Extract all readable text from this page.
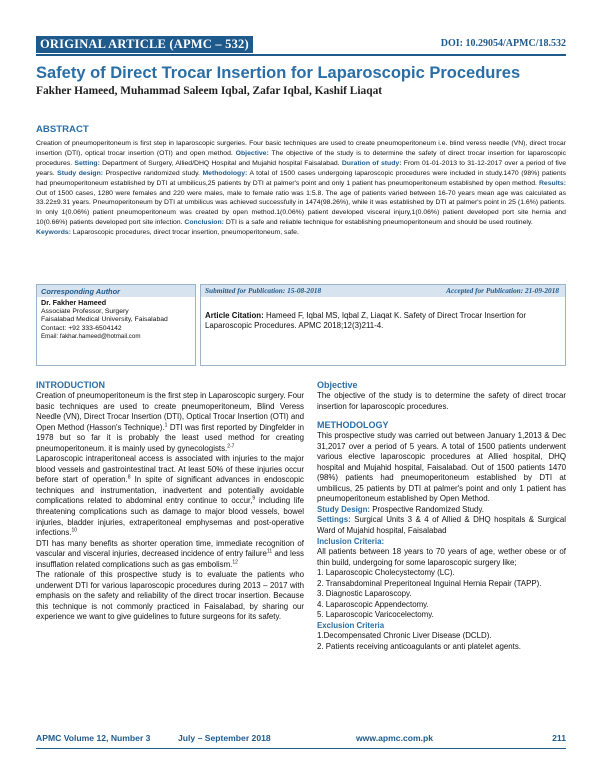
ORIGINAL ARTICLE (APMC – 532)	DOI: 10.29054/APMC/18.532
Safety of Direct Trocar Insertion for Laparoscopic Procedures
Fakher Hameed, Muhammad Saleem Iqbal, Zafar Iqbal, Kashif Liaqat
ABSTRACT
Creation of pneumoperitoneum is first step in laparoscopic surgeries. Four basic techniques are used to create pneumoperitoneum i.e. blind veress needle (VN), direct trocar insertion (DTI), optical trocar insertion (OTI) and open method. Objective: The objective of the study is to determine the safety of direct trocar insertion for laparoscopic procedures. Setting: Department of Surgery, Allied/DHQ Hospital and Mujahid hospital Faisalabad. Duration of study: From 01-01-2013 to 31-12-2017 over a period of five years. Study design: Prospective randomized study. Methodology: A total of 1500 cases undergoing laparoscopic procedures were included in study.1470 (98%) patients had pneumoperitoneum established by DTI at umbilicus,25 patients by DTI at palmer's point and only 1 patient has pneumoperitoneum established by open method. Results: Out of 1500 cases, 1280 were females and 220 were males, male to female ratio was 1:5.8. The age of patients varied between 16-70 years mean age was calculated as 33.22±9.31 years. Pneumoperitoneum by DTI at umbilicus was achieved successfully in 1474(98.26%), while it was established by DTI at palmer's point in 25 (1.6%) patients. In only 1(0.06%) patient pneumoperitoneum was created by open method.1(0.06%) patient developed visceral injury,1(0.06%) patient developed port site hernia and 10(0.66%) patients developed port site infection. Conclusion: DTI is a safe and reliable technique for establishing pneumoperitoneum and should be used routinely.
Keywords: Laparoscopic procedures, direct trocar insertion, pneumoperitoneum, safe.
Corresponding Author
Dr. Fakher Hameed
Associate Professor, Surgery
Faisalabad Medical University, Faisalabad
Contact: +92 333-6504142
Email: fakhar.hameed@hotmail.com
Submitted for Publication: 15-08-2018	Accepted for Publication: 21-09-2018
Article Citation: Hameed F, Iqbal MS, Iqbal Z, Liaqat K. Safety of Direct Trocar Insertion for Laparoscopic Procedures. APMC 2018;12(3)211-4.

INTRODUCTION

Creation of pneumoperitoneum is the first step in Laparoscopic surgery. Four basic techniques are used to create pneumoperitoneum, Blind Veress Needle (VN), Direct Trocar Insertion (DTI), Optical Trocar Insertion (OTI) and Open Method (Hasson's Technique).$^1$ DTI was first reported by Dingfelder in 1978 but so far it is probably the least used method for creating pneumoperitoneum. it is mainly used by gynecologists.$^{2-7}$

Laparoscopic intraperitoneal access is associated with injuries to the major blood vessels and gastrointestinal tract. At least 50% of these injuries occur before start of operation.$^8$ In spite of significant advances in endoscopic techniques and instrumentation, inadvertent and potentially avoidable complications related to abdominal entry continue to occur,$^9$ including life threatening complications such as damage to major blood vessels, bowel injuries, bladder injuries, extraperitoneal emphysemas and post-operative infections.$^{10}$

DTI has many benefits as shorter operation time, immediate recognition of vascular and visceral injuries, decreased incidence of entry failure$^{11}$ and less insufflation related complications such as gas embolism.$^{12}$

The rationale of this prospective study is to evaluate the patients who underwent DTI for various laparoscopic procedures during 2013 – 2017 with emphasis on the safety and reliability of the direct trocar insertion. Because this technique is not commonly practiced in Faisalabad, by sharing our experience we want to give guidelines to future surgeons for its safety.

Objective

The objective of the study is to determine the safety of direct trocar insertion for laparoscopic procedures.

METHODOLOGY

This prospective study was carried out between January 1,2013 & Dec 31,2017 over a period of 5 years. A total of 1500 patients underwent various elective laparoscopic procedures at Allied hospital, DHQ hospital and Mujahid hospital, Faisalabad. Out of 1500 patients 1470 (98%) patients had pneumoperitoneum established by DTI at umbilicus, 25 patients by DTI at palmer's point and only 1 patient has pneumoperitoneum established by Open Method.

Study Design: Prospective Randomized Study.

Settings: Surgical Units 3 & 4 of Allied & DHQ hospitals & Surgical Ward of Mujahid hospital, Faisalabad

Inclusion Criteria:

All patients between 18 years to 70 years of age, wether obese or of thin build, undergoing for some laparoscopic surgery like;

1. Laparoscopic Cholecystectomy (LC).

2. Transabdominal Preperitoneal Inguinal Hernia Repair (TAPP).

3. Diagnostic Laparoscopy.

4. Laparoscopic Appendectomy.

5. Laparoscopic Varicocelectomy.

Exclusion Criteria

1.Decompensated Chronic Liver Disease (DCLD).

2. Patients receiving anticoagulants or anti platelet agents.

APMC Volume 12, Number 3	July – September 2018	www.apmc.com.pk	211
